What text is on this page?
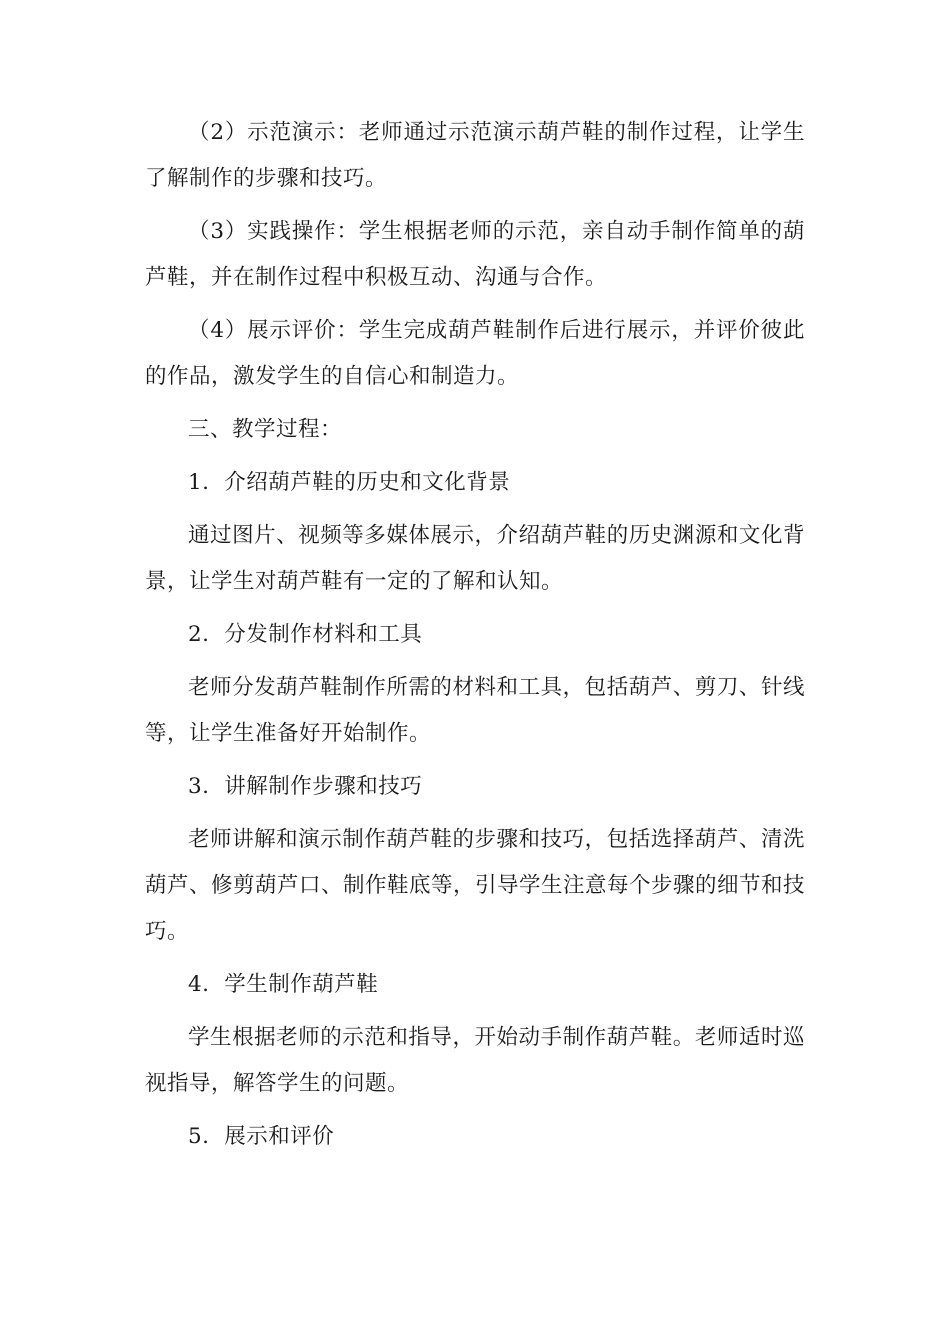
（2）示范演示：老师通过示范演示葫芦鞋的制作过程，让学生了解制作的步骤和技巧。

（3）实践操作：学生根据老师的示范，亲自动手制作简单的葫芦鞋，并在制作过程中积极互动、沟通与合作。

（4）展示评价：学生完成葫芦鞋制作后进行展示，并评价彼此的作品，激发学生的自信心和制造力。

三、教学过程：

1. 介绍葫芦鞋的历史和文化背景

通过图片、视频等多媒体展示，介绍葫芦鞋的历史渊源和文化背景，让学生对葫芦鞋有一定的了解和认知。

2. 分发制作材料和工具

老师分发葫芦鞋制作所需的材料和工具，包括葫芦、剪刀、针线等，让学生准备好开始制作。

3. 讲解制作步骤和技巧

老师讲解和演示制作葫芦鞋的步骤和技巧，包括选择葫芦、清洗葫芦、修剪葫芦口、制作鞋底等，引导学生注意每个步骤的细节和技巧。

4. 学生制作葫芦鞋

学生根据老师的示范和指导，开始动手制作葫芦鞋。老师适时巡视指导，解答学生的问题。

5. 展示和评价
